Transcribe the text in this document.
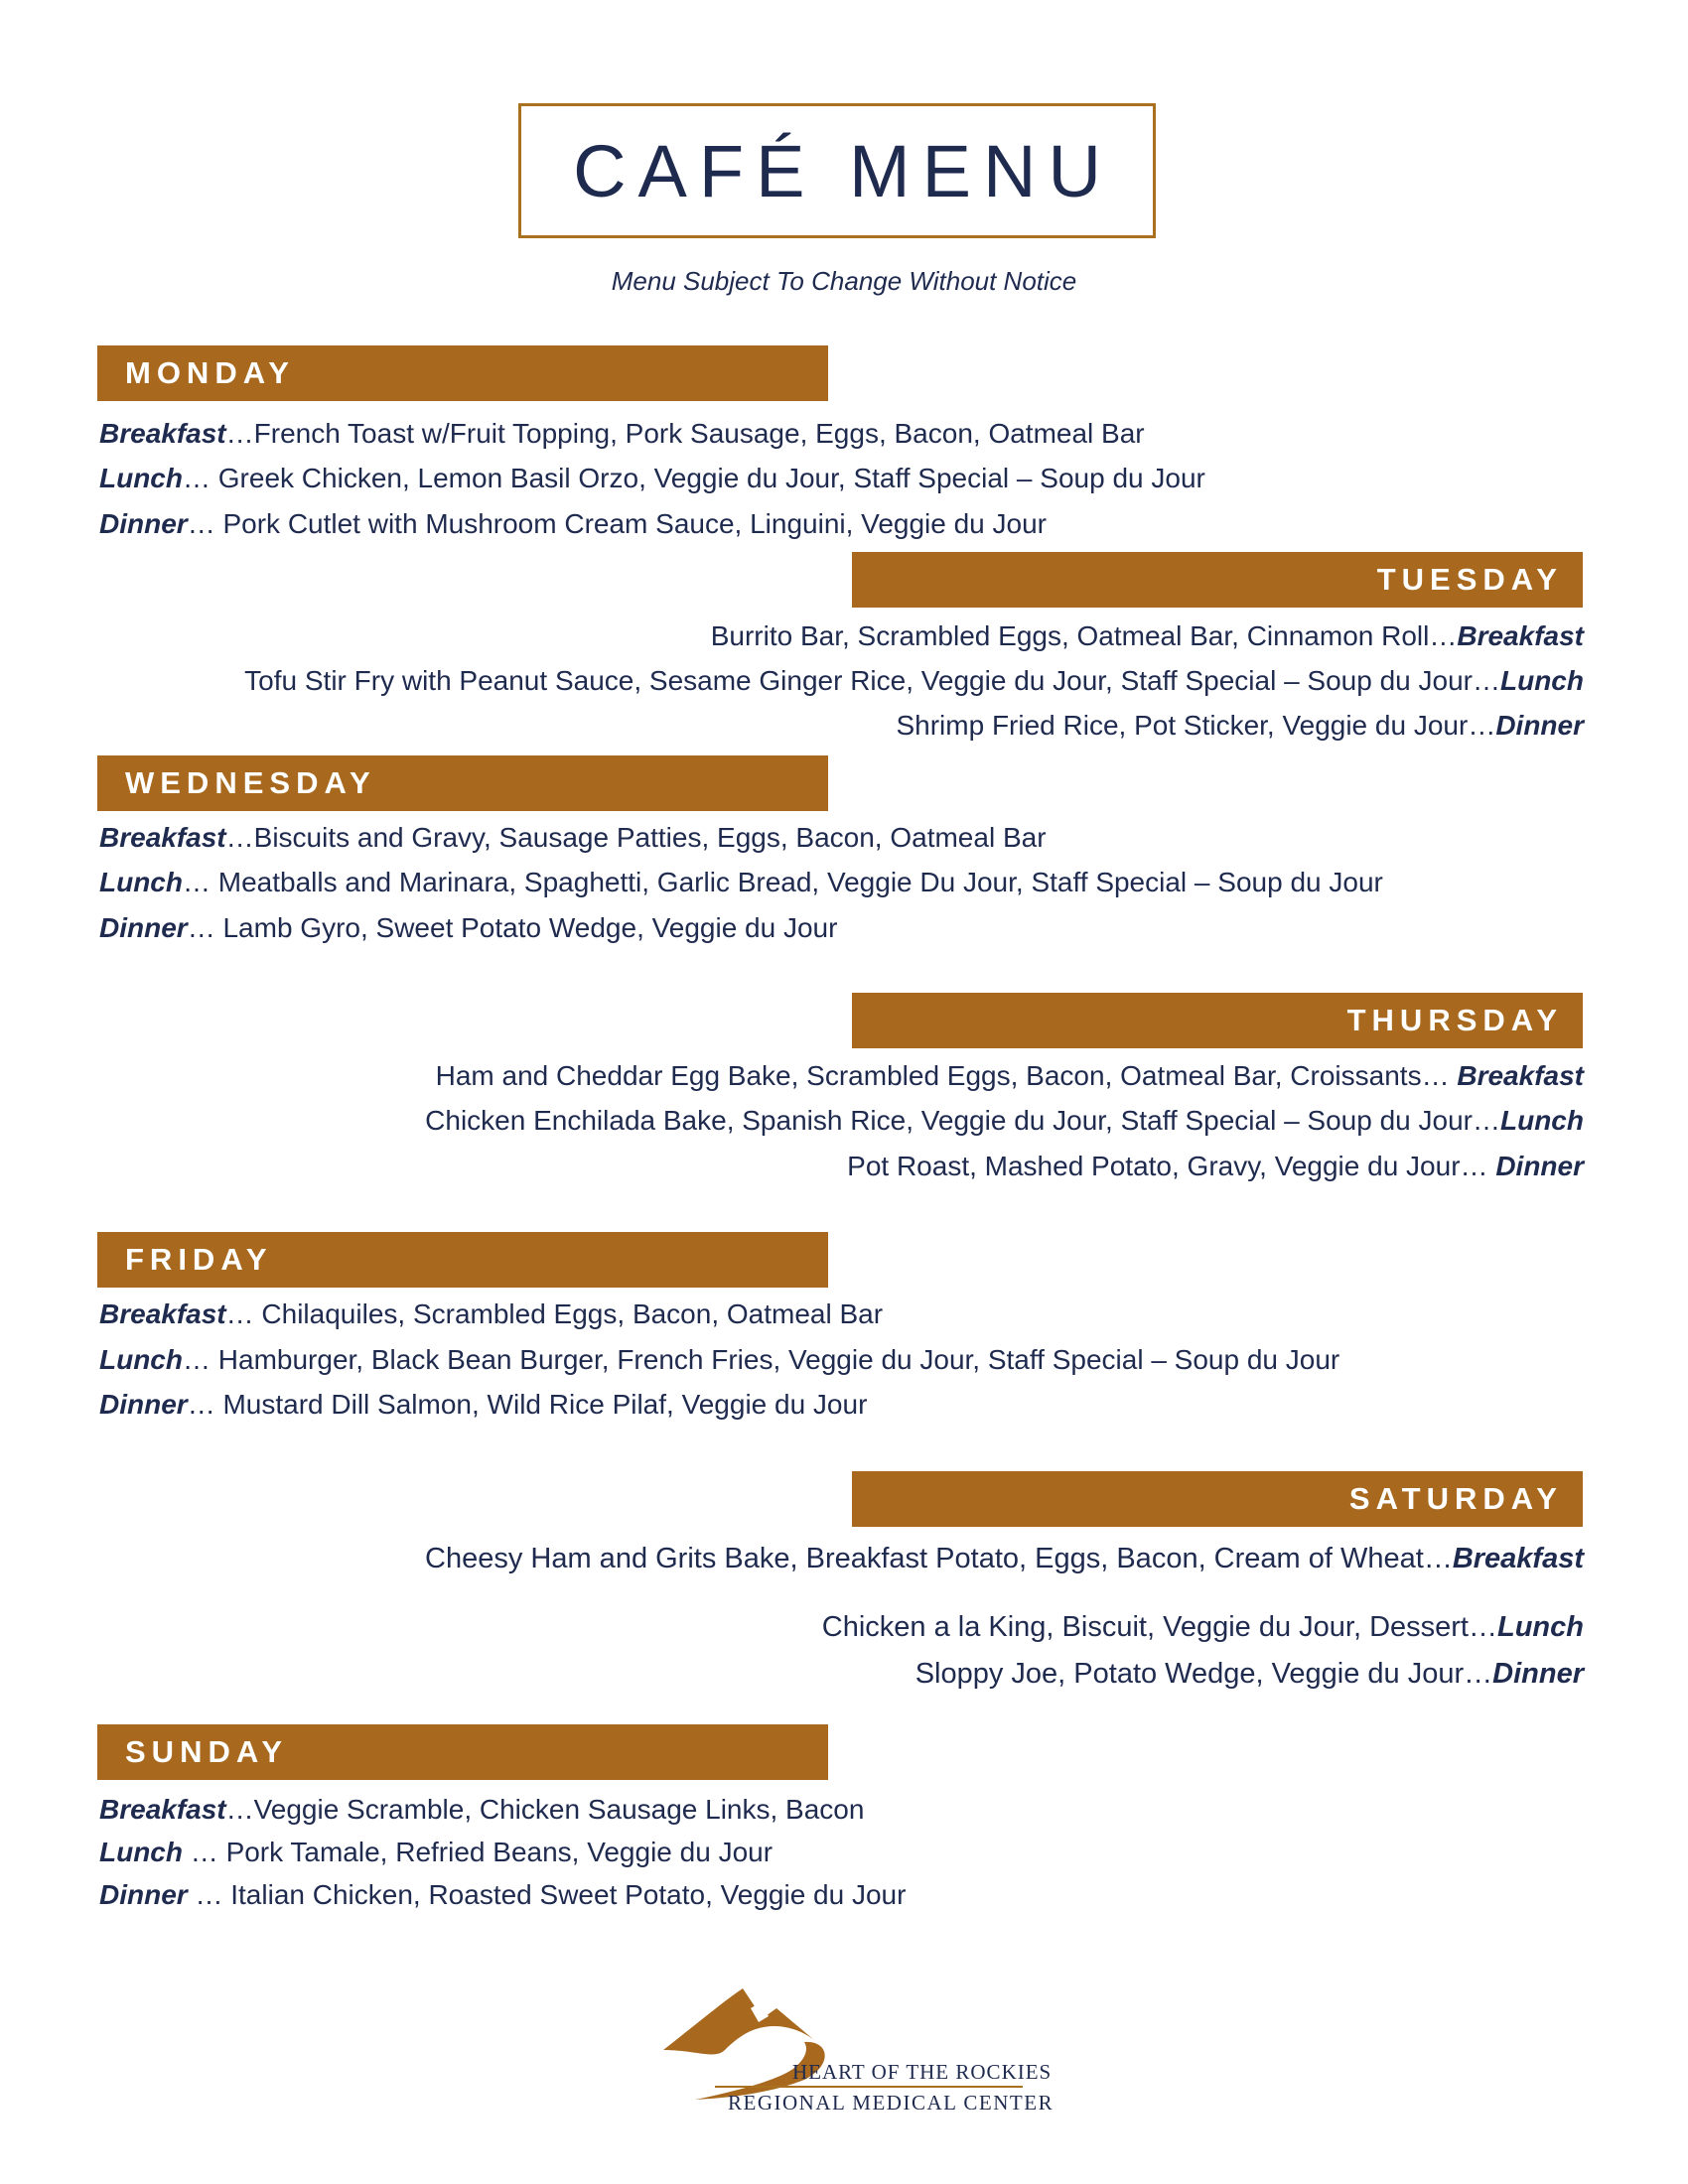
CAFÉ MENU
Menu Subject To Change Without Notice
MONDAY
Breakfast…French Toast w/Fruit Topping, Pork Sausage, Eggs, Bacon, Oatmeal Bar
Lunch… Greek Chicken, Lemon Basil Orzo, Veggie du Jour, Staff Special – Soup du Jour
Dinner… Pork Cutlet with Mushroom Cream Sauce, Linguini, Veggie du Jour
TUESDAY
Burrito Bar, Scrambled Eggs, Oatmeal Bar, Cinnamon Roll…Breakfast
Tofu Stir Fry with Peanut Sauce, Sesame Ginger Rice, Veggie du Jour, Staff Special – Soup du Jour…Lunch
Shrimp Fried Rice, Pot Sticker, Veggie du Jour…Dinner
WEDNESDAY
Breakfast…Biscuits and Gravy, Sausage Patties, Eggs, Bacon, Oatmeal Bar
Lunch… Meatballs and Marinara, Spaghetti, Garlic Bread, Veggie Du Jour, Staff Special – Soup du Jour
Dinner… Lamb Gyro, Sweet Potato Wedge, Veggie du Jour
THURSDAY
Ham and Cheddar Egg Bake, Scrambled Eggs, Bacon, Oatmeal Bar, Croissants… Breakfast
Chicken Enchilada Bake, Spanish Rice, Veggie du Jour, Staff Special – Soup du Jour…Lunch
Pot Roast, Mashed Potato, Gravy, Veggie du Jour… Dinner
FRIDAY
Breakfast… Chilaquiles, Scrambled Eggs, Bacon, Oatmeal Bar
Lunch… Hamburger, Black Bean Burger, French Fries, Veggie du Jour, Staff Special – Soup du Jour
Dinner… Mustard Dill Salmon, Wild Rice Pilaf, Veggie du Jour
SATURDAY
Cheesy Ham and Grits Bake, Breakfast Potato, Eggs, Bacon, Cream of Wheat…Breakfast
Chicken a la King, Biscuit, Veggie du Jour, Dessert…Lunch
Sloppy Joe, Potato Wedge, Veggie du Jour…Dinner
SUNDAY
Breakfast…Veggie Scramble, Chicken Sausage Links, Bacon
Lunch … Pork Tamale, Refried Beans, Veggie du Jour
Dinner … Italian Chicken, Roasted Sweet Potato, Veggie du Jour
HEART OF THE ROCKIES
REGIONAL MEDICAL CENTER
